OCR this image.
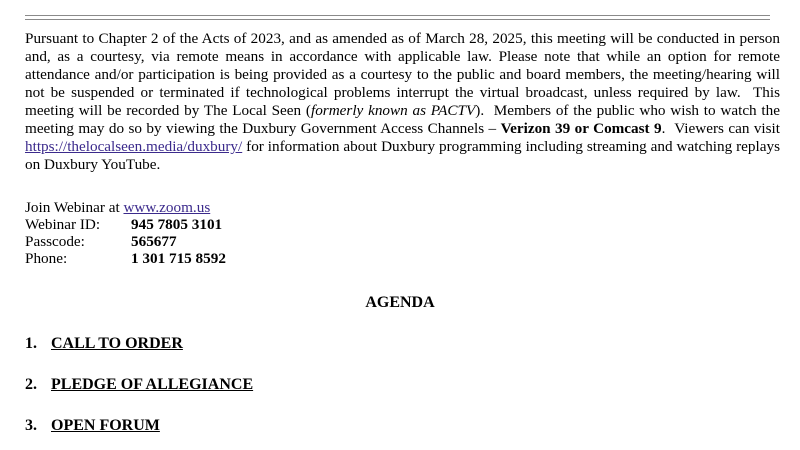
Pursuant to Chapter 2 of the Acts of 2023, and as amended as of March 28, 2025, this meeting will be conducted in person and, as a courtesy, via remote means in accordance with applicable law. Please note that while an option for remote attendance and/or participation is being provided as a courtesy to the public and board members, the meeting/hearing will not be suspended or terminated if technological problems interrupt the virtual broadcast, unless required by law.  This meeting will be recorded by The Local Seen (formerly known as PACTV).  Members of the public who wish to watch the meeting may do so by viewing the Duxbury Government Access Channels – Verizon 39 or Comcast 9.  Viewers can visit https://thelocalseen.media/duxbury/ for information about Duxbury programming including streaming and watching replays on Duxbury YouTube.

Join Webinar at www.zoom.us
Webinar ID: 945 7805 3101
Passcode:	565677
Phone:	1 301 715 8592
AGENDA
1. CALL TO ORDER
2. PLEDGE OF ALLEGIANCE
3. OPEN FORUM
